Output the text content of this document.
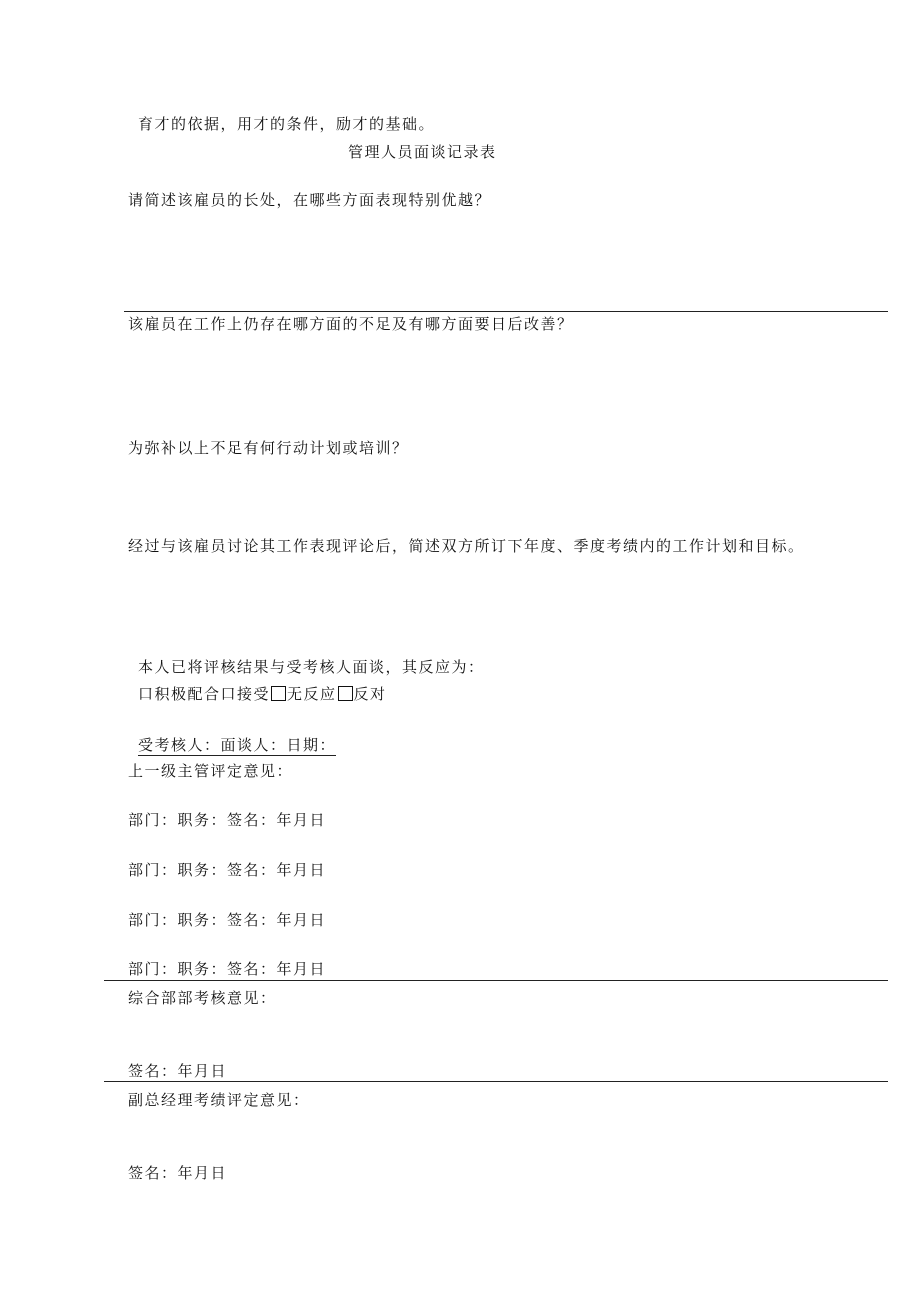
育才的依据，用才的条件，励才的基础。
管理人员面谈记录表
请简述该雇员的长处，在哪些方面表现特别优越？
该雇员在工作上仍存在哪方面的不足及有哪方面要日后改善？
为弥补以上不足有何行动计划或培训？
经过与该雇员讨论其工作表现评论后，简述双方所订下年度、季度考绩内的工作计划和目标。
本人已将评核结果与受考核人面谈，其反应为：
口积极配合口接受 无反应 反对
受考核人：面谈人：日期：
上一级主管评定意见：
部门：职务：签名：年月日
部门：职务：签名：年月日
部门：职务：签名：年月日
部门：职务：签名：年月日
综合部部考核意见：
签名：年月日
副总经理考绩评定意见：
签名：年月日
